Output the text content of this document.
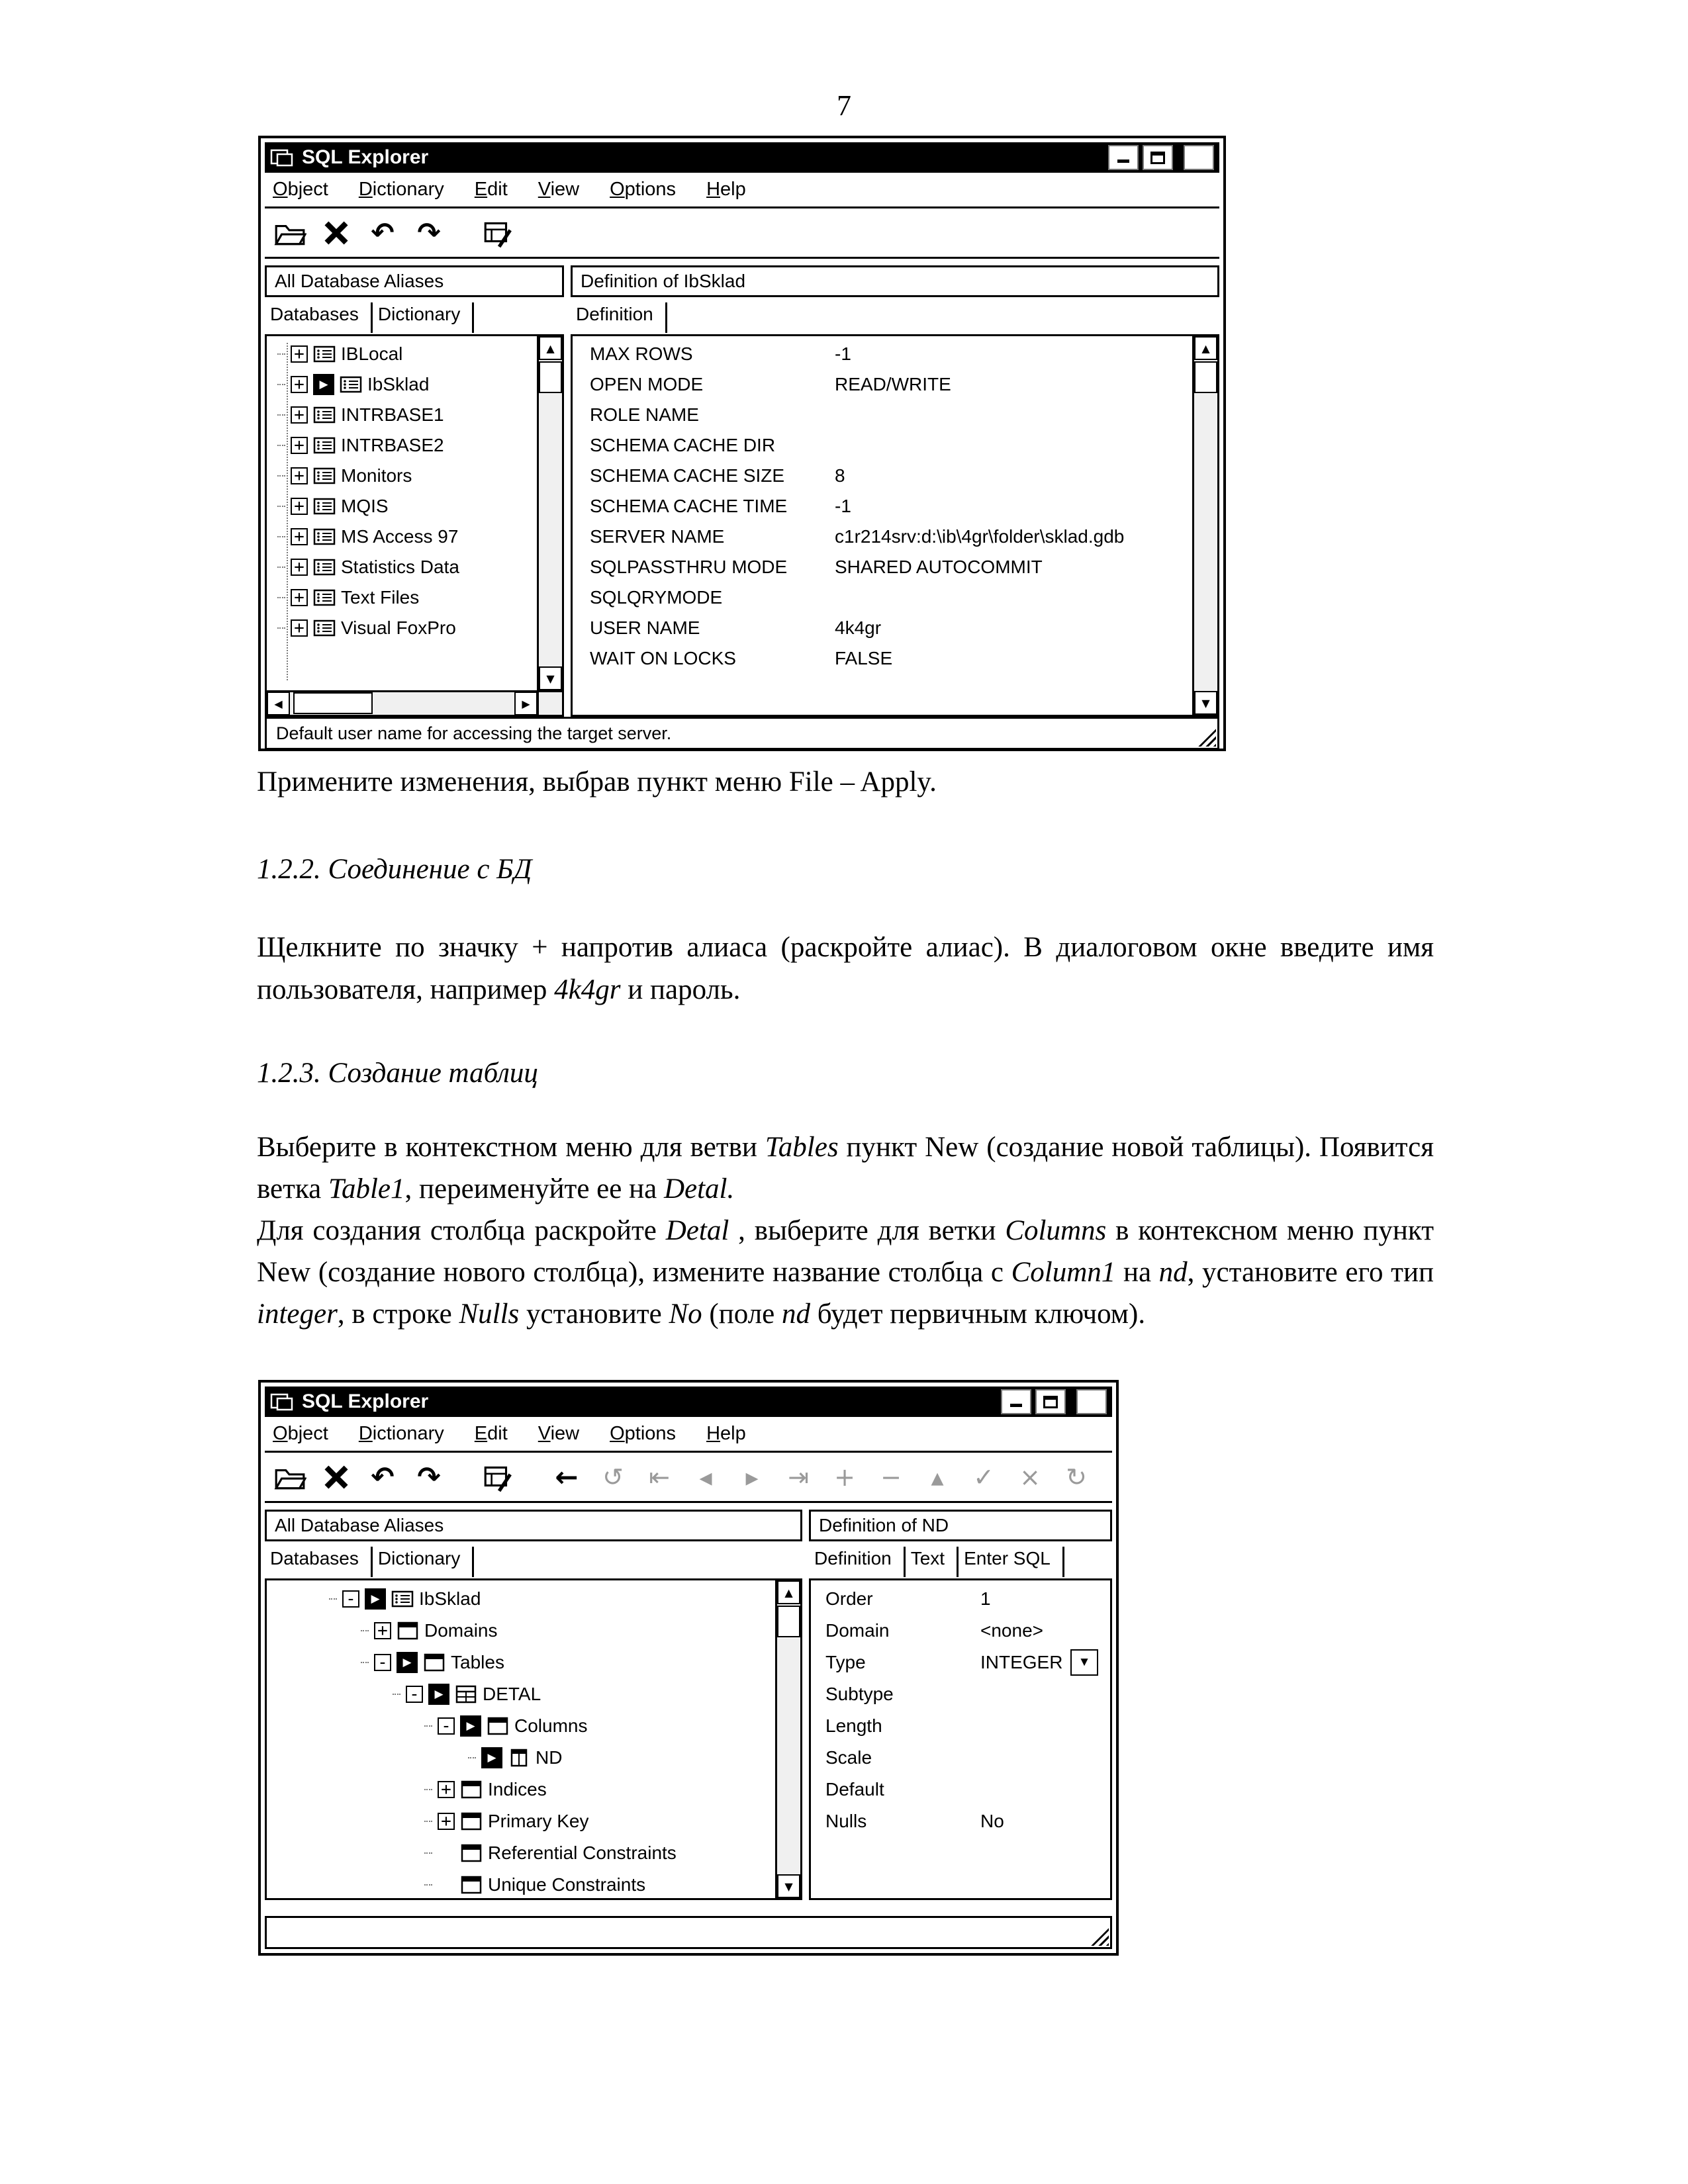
7
SQL Explorer	×
Object Dictionary Edit View Options Help
↶ ↷
All Database Aliases	Definition of IbSklad
Databases	Dictionary	Definition
+ IBLocal
+	▶	IbSklad
+ INTRBASE1
+ INTRBASE2
+ Monitors
+ MQIS
+ MS Access 97
+ Statistics Data
+ Text Files
+ Visual FoxPro
▲
▼
◀	▶
MAX ROWS	-1
OPEN MODE	READ/WRITE
ROLE NAME
SCHEMA CACHE DIR
SCHEMA CACHE SIZE	8
SCHEMA CACHE TIME	-1
SERVER NAME	c1r214srv:d:\ib\4gr\folder\sklad.gdb
SQLPASSTHRU MODE	SHARED AUTOCOMMIT
SQLQRYMODE
USER NAME	4k4gr
WAIT ON LOCKS	FALSE
▲
▼
Default user name for accessing the target server.
Примените изменения, выбрав пункт меню File – Apply.
1.2.2. Соединение с БД
Щелкните по значку + напротив алиаса (раскройте алиас). В диалоговом окне введите имя пользователя, например 4k4gr и пароль.
1.2.3. Создание таблиц
Выберите в контекстном меню для ветви Tables пункт New (создание новой таблицы). Появится ветка Table1, переименуйте ее на Detal.
Для создания столбца раскройте Detal , выберите для ветки Columns в контексном меню пункт New (создание нового столбца), измените название столбца с Column1 на nd, установите его тип integer, в строке Nulls установите No (поле nd будет первичным ключом).
SQL Explorer	×
Object Dictionary Edit View Options Help
↶ ↷	← ↺	⇤	◂	▸	⇥	+	−	▴	✓	×	↻
All Database Aliases	Definition of ND
Databases	Dictionary	Definition	Text	Enter SQL
-	▶	IbSklad
+ Domains
-	▶	Tables
-	▶	DETAL
-	▶	Columns
▶	ND
+ Indices
+ Primary Key
Referential Constraints
Unique Constraints
▲
▼
Order	1
Domain	<none>
Type	INTEGER	▼
Subtype
Length
Scale
Default
Nulls	No
